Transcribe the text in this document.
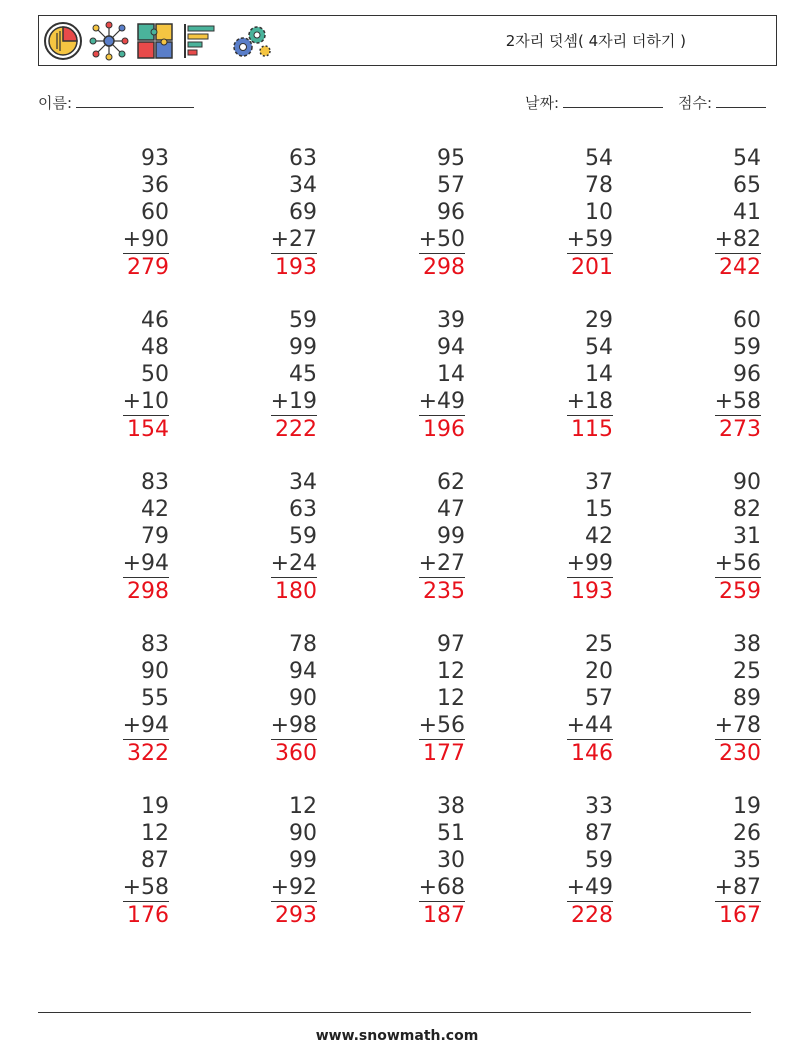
2자리 덧셈( 4자리 더하기 )
이름:	날짜:	점수:
93
36
60
+90
279
63
34
69
+27
193
95
57
96
+50
298
54
78
10
+59
201
54
65
41
+82
242
46
48
50
+10
154
59
99
45
+19
222
39
94
14
+49
196
29
54
14
+18
115
60
59
96
+58
273
83
42
79
+94
298
34
63
59
+24
180
62
47
99
+27
235
37
15
42
+99
193
90
82
31
+56
259
83
90
55
+94
322
78
94
90
+98
360
97
12
12
+56
177
25
20
57
+44
146
38
25
89
+78
230
19
12
87
+58
176
12
90
99
+92
293
38
51
30
+68
187
33
87
59
+49
228
19
26
35
+87
167
www.snowmath.com
